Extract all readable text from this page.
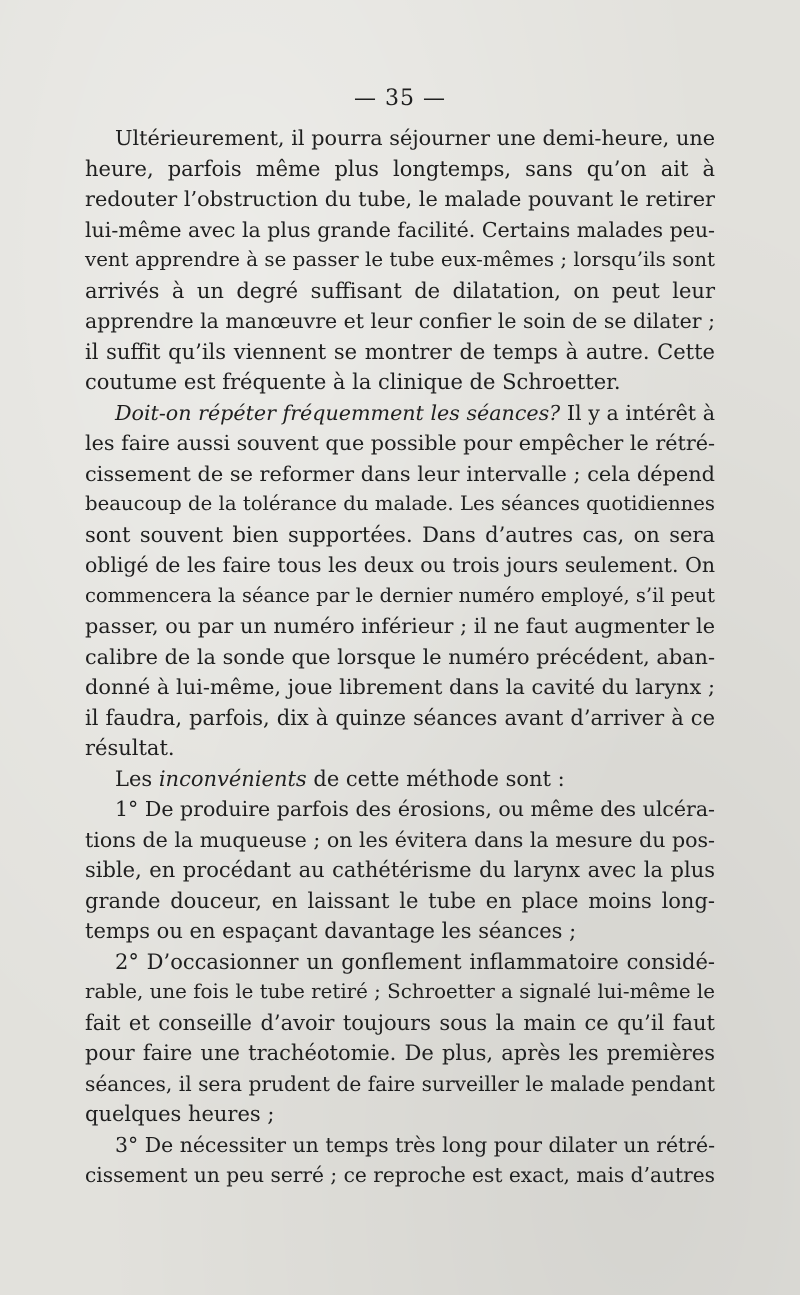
— 35 —
Ultérieurement, il pourra séjourner une demi-heure, une
heure, parfois même plus longtemps, sans qu’on ait à
redouter l’obstruction du tube, le malade pouvant le retirer
lui-même avec la plus grande facilité. Certains malades peu-
vent apprendre à se passer le tube eux-mêmes ; lorsqu’ils sont
arrivés à un degré suffisant de dilatation, on peut leur
apprendre la manœuvre et leur confier le soin de se dilater ;
il suffit qu’ils viennent se montrer de temps à autre. Cette
coutume est fréquente à la clinique de Schroetter.
Doit-on répéter fréquemment les séances? Il y a intérêt à
les faire aussi souvent que possible pour empêcher le rétré-
cissement de se reformer dans leur intervalle ; cela dépend
beaucoup de la tolérance du malade. Les séances quotidiennes
sont souvent bien supportées. Dans d’autres cas, on sera
obligé de les faire tous les deux ou trois jours seulement. On
commencera la séance par le dernier numéro employé, s’il peut
passer, ou par un numéro inférieur ; il ne faut augmenter le
calibre de la sonde que lorsque le numéro précédent, aban-
donné à lui-même, joue librement dans la cavité du larynx ;
il faudra, parfois, dix à quinze séances avant d’arriver à ce
résultat.
Les inconvénients de cette méthode sont :
1° De produire parfois des érosions, ou même des ulcéra-
tions de la muqueuse ; on les évitera dans la mesure du pos-
sible, en procédant au cathétérisme du larynx avec la plus
grande douceur, en laissant le tube en place moins long-
temps ou en espaçant davantage les séances ;
2° D’occasionner un gonflement inflammatoire considé-
rable, une fois le tube retiré ; Schroetter a signalé lui-même le
fait et conseille d’avoir toujours sous la main ce qu’il faut
pour faire une trachéotomie. De plus, après les premières
séances, il sera prudent de faire surveiller le malade pendant
quelques heures ;
3° De nécessiter un temps très long pour dilater un rétré-
cissement un peu serré ; ce reproche est exact, mais d’autres
